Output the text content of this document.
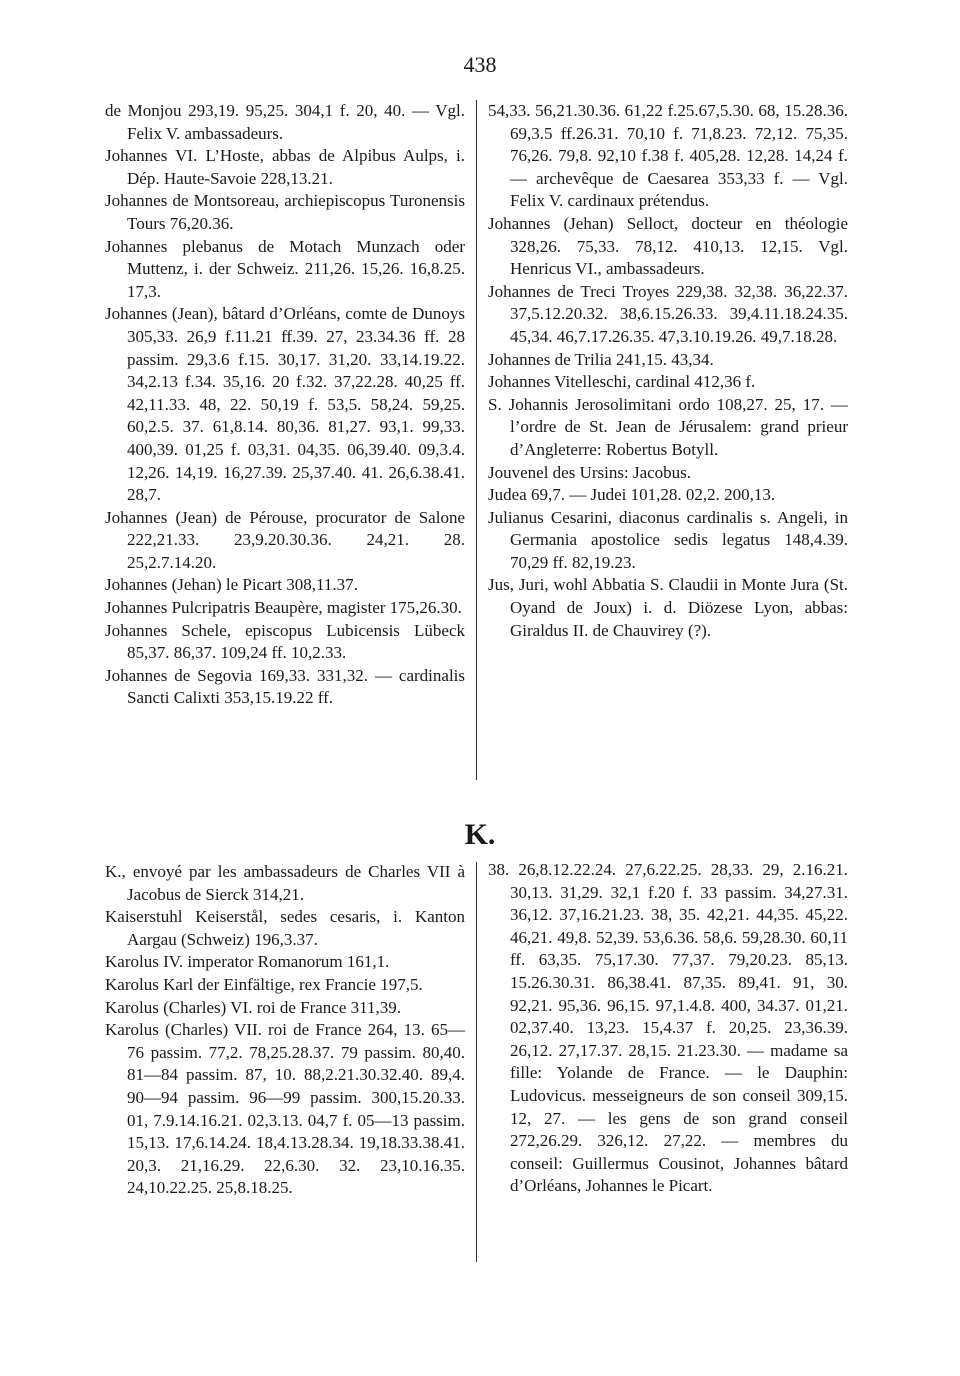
438

de Monjou 293,19. 95,25. 304,1 f. 20, 40. — Vgl. Felix V. ambassadeurs.

Johannes VI. L’Hoste, abbas de Alpibus Aulps, i. Dép. Haute-Savoie 228,13.21.

Johannes de Montsoreau, archiepiscopus Turonensis Tours 76,20.36.

Johannes plebanus de Motach Munzach oder Muttenz, i. der Schweiz. 211,26. 15,26. 16,8.25. 17,3.

Johannes (Jean), bâtard d’Orléans, comte de Dunoys 305,33. 26,9 f.11.21 ff.39. 27, 23.34.36 ff. 28 passim. 29,3.6 f.15. 30,17. 31,20. 33,14.19.22. 34,2.13 f.34. 35,16. 20 f.32. 37,22.28. 40,25 ff. 42,11.33. 48, 22. 50,19 f. 53,5. 58,24. 59,25. 60,2.5. 37. 61,8.14. 80,36. 81,27. 93,1. 99,33. 400,39. 01,25 f. 03,31. 04,35. 06,39.40. 09,3.4. 12,26. 14,19. 16,27.39. 25,37.40. 41. 26,6.38.41. 28,7.

Johannes (Jean) de Pérouse, procurator de Salone 222,21.33. 23,9.20.30.36. 24,21. 28. 25,2.7.14.20.

Johannes (Jehan) le Picart 308,11.37.

Johannes Pulcripatris Beaupère, magister 175,26.30.

Johannes Schele, episcopus Lubicensis Lübeck 85,37. 86,37. 109,24 ff. 10,2.33.

Johannes de Segovia 169,33. 331,32. — cardinalis Sancti Calixti 353,15.19.22 ff.

54,33. 56,21.30.36. 61,22 f.25.67,5.30. 68, 15.28.36. 69,3.5 ff.26.31. 70,10 f. 71,8.23. 72,12. 75,35. 76,26. 79,8. 92,10 f.38 f. 405,28. 12,28. 14,24 f. — archevêque de Caesarea 353,33 f. — Vgl. Felix V. cardinaux prétendus.

Johannes (Jehan) Selloct, docteur en théologie 328,26. 75,33. 78,12. 410,13. 12,15. Vgl. Henricus VI., ambassadeurs.

Johannes de Treci Troyes 229,38. 32,38. 36,22.37. 37,5.12.20.32. 38,6.15.26.33. 39,4.11.18.24.35. 45,34. 46,7.17.26.35. 47,3.10.19.26. 49,7.18.28.

Johannes de Trilia 241,15. 43,34.

Johannes Vitelleschi, cardinal 412,36 f.

S. Johannis Jerosolimitani ordo 108,27. 25, 17. — l’ordre de St. Jean de Jérusalem: grand prieur d’Angleterre: Robertus Botyll.

Jouvenel des Ursins: Jacobus.

Judea 69,7. — Judei 101,28. 02,2. 200,13.

Julianus Cesarini, diaconus cardinalis s. Angeli, in Germania apostolice sedis legatus 148,4.39. 70,29 ff. 82,19.23.

Jus, Juri, wohl Abbatia S. Claudii in Monte Jura (St. Oyand de Joux) i. d. Diözese Lyon, abbas: Giraldus II. de Chauvirey (?).

K.

K., envoyé par les ambassadeurs de Charles VII à Jacobus de Sierck 314,21.

Kaiserstuhl Keiserstål, sedes cesaris, i. Kanton Aargau (Schweiz) 196,3.37.

Karolus IV. imperator Romanorum 161,1.

Karolus Karl der Einfältige, rex Francie 197,5.

Karolus (Charles) VI. roi de France 311,39.

Karolus (Charles) VII. roi de France 264, 13. 65—76 passim. 77,2. 78,25.28.37. 79 passim. 80,40. 81—84 passim. 87, 10. 88,2.21.30.32.40. 89,4. 90—94 passim. 96—99 passim. 300,15.20.33. 01, 7.9.14.16.21. 02,3.13. 04,7 f. 05—13 passim. 15,13. 17,6.14.24. 18,4.13.28.34. 19,18.33.38.41. 20,3. 21,16.29. 22,6.30. 32. 23,10.16.35. 24,10.22.25. 25,8.18.25.

38. 26,8.12.22.24. 27,6.22.25. 28,33. 29, 2.16.21. 30,13. 31,29. 32,1 f.20 f. 33 passim. 34,27.31. 36,12. 37,16.21.23. 38, 35. 42,21. 44,35. 45,22. 46,21. 49,8. 52,39. 53,6.36. 58,6. 59,28.30. 60,11 ff. 63,35. 75,17.30. 77,37. 79,20.23. 85,13. 15.26.30.31. 86,38.41. 87,35. 89,41. 91, 30. 92,21. 95,36. 96,15. 97,1.4.8. 400, 34.37. 01,21. 02,37.40. 13,23. 15,4.37 f. 20,25. 23,36.39. 26,12. 27,17.37. 28,15. 21.23.30. — madame sa fille: Yolande de France. — le Dauphin: Ludovicus. messeigneurs de son conseil 309,15. 12, 27. — les gens de son grand conseil 272,26.29. 326,12. 27,22. — membres du conseil: Guillermus Cousinot, Johannes bâtard d’Orléans, Johannes le Picart.
